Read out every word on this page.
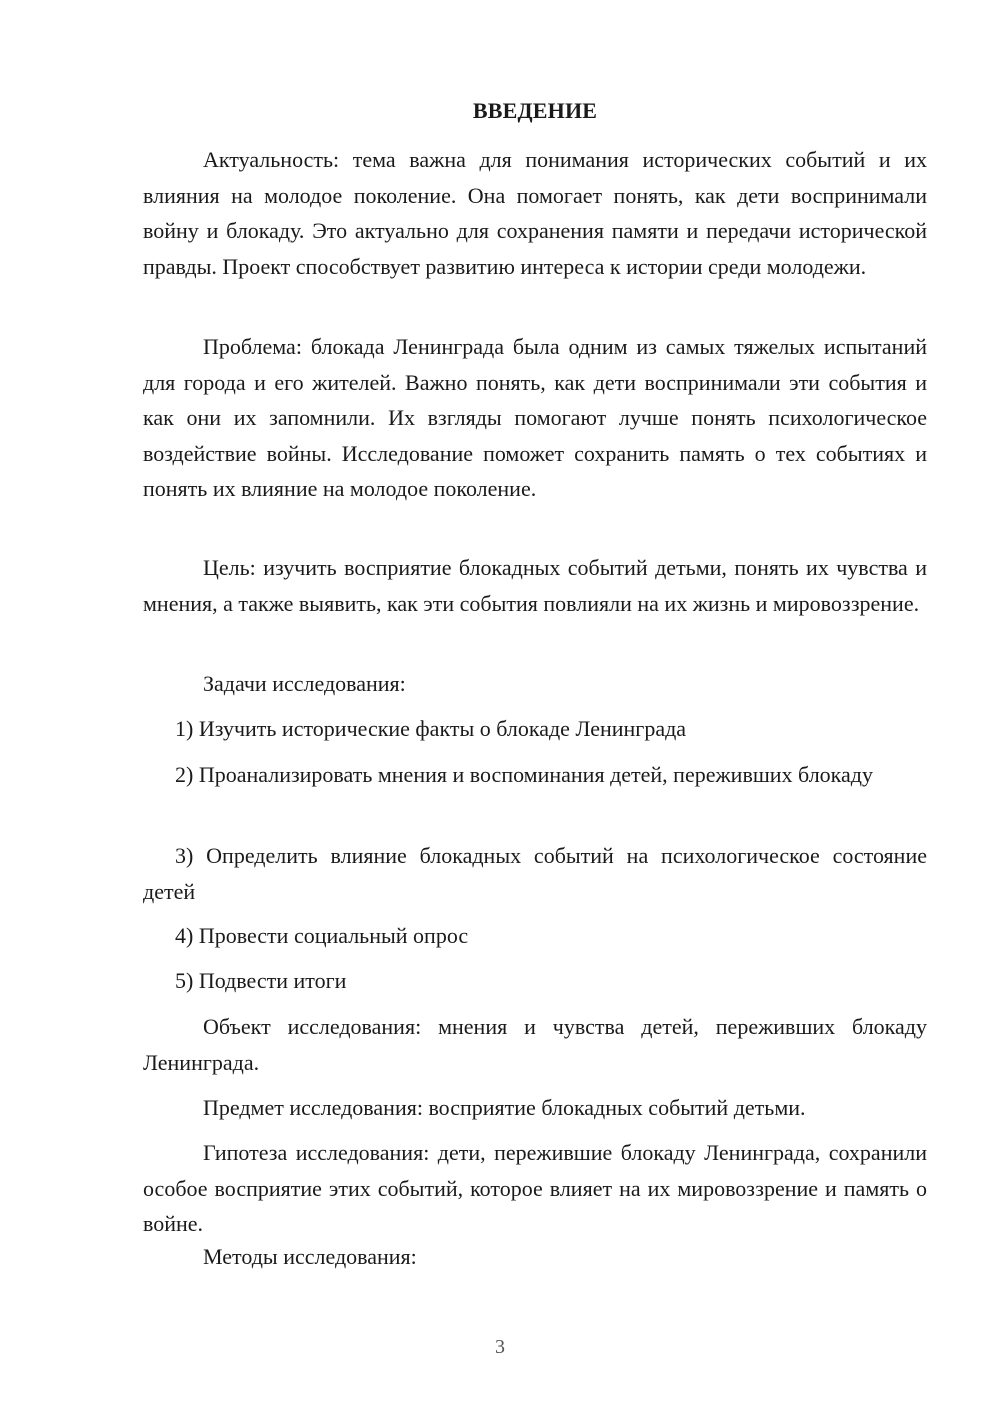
ВВЕДЕНИЕ

Актуальность: тема важна для понимания исторических событий и их влияния на молодое поколение. Она помогает понять, как дети воспринимали войну и блокаду. Это актуально для сохранения памяти и передачи исторической правды. Проект способствует развитию интереса к истории среди молодежи.

Проблема: блокада Ленинграда была одним из самых тяжелых испытаний для города и его жителей. Важно понять, как дети воспринимали эти события и как они их запомнили. Их взгляды помогают лучше понять психологическое воздействие войны. Исследование поможет сохранить память о тех событиях и понять их влияние на молодое поколение.

Цель: изучить восприятие блокадных событий детьми, понять их чувства и мнения, а также выявить, как эти события повлияли на их жизнь и мировоззрение.

Задачи исследования:

1) Изучить исторические факты о блокаде Ленинграда

2) Проанализировать мнения и воспоминания детей, переживших блокаду

3) Определить влияние блокадных событий на психологическое состояние детей

4) Провести социальный опрос

5) Подвести итоги

Объект исследования: мнения и чувства детей, переживших блокаду Ленинграда.

Предмет исследования: восприятие блокадных событий детьми.

Гипотеза исследования: дети, пережившие блокаду Ленинграда, сохранили особое восприятие этих событий, которое влияет на их мировоззрение и память о войне.

Методы исследования:

3
